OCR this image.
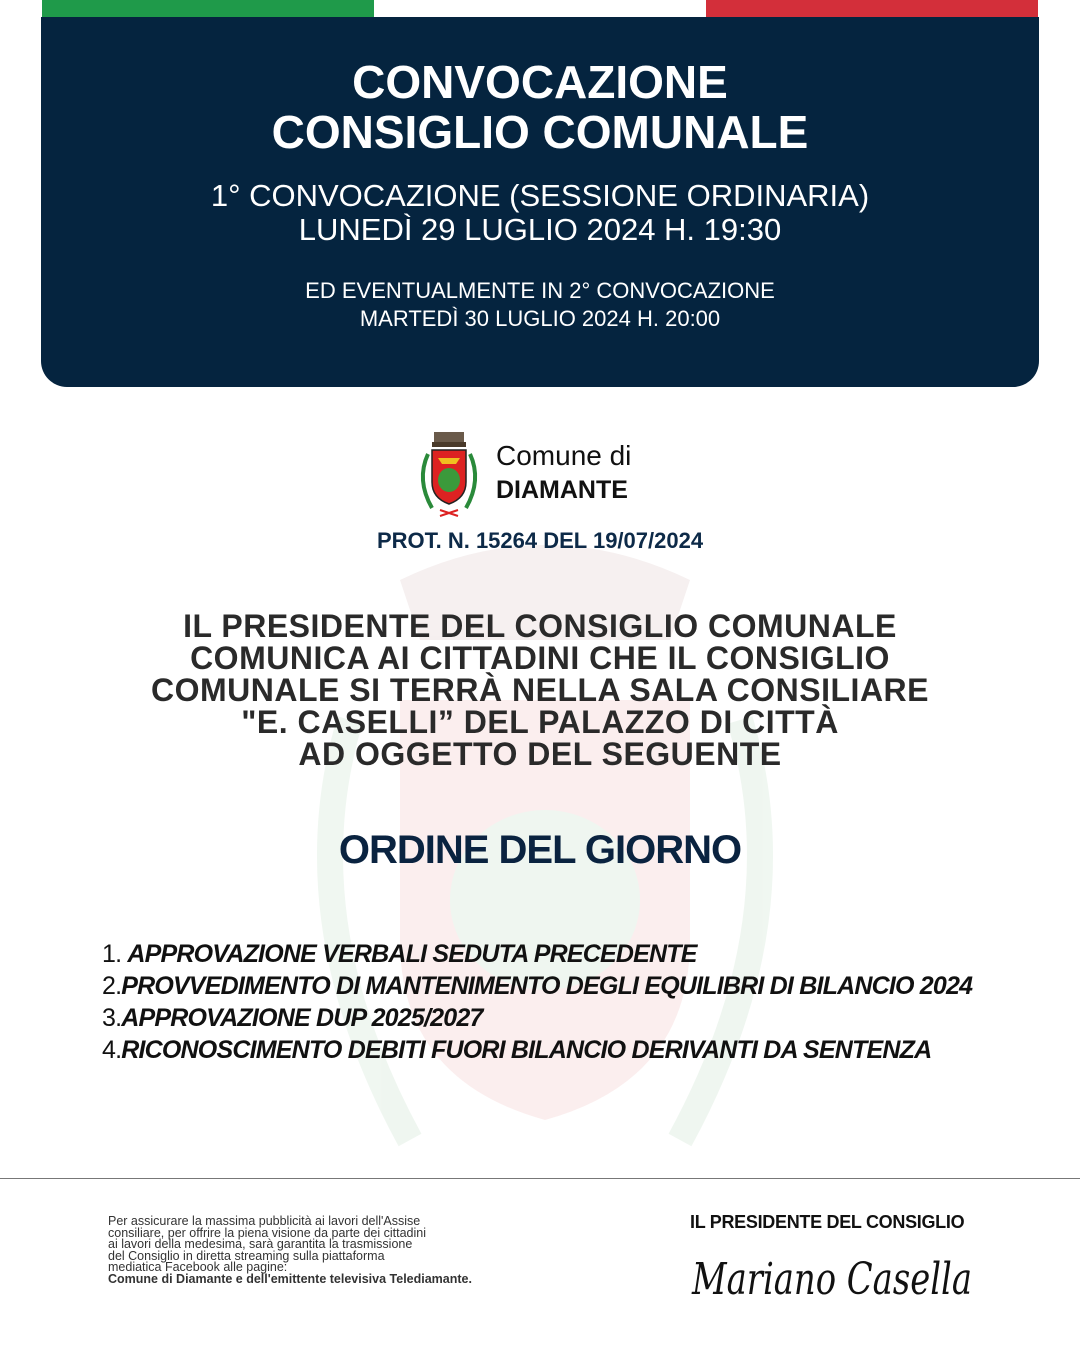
CONVOCAZIONE
CONSIGLIO COMUNALE
1° CONVOCAZIONE (SESSIONE ORDINARIA)
LUNEDÌ 29 LUGLIO 2024 H. 19:30
ED EVENTUALMENTE IN 2° CONVOCAZIONE
MARTEDÌ 30 LUGLIO 2024 H. 20:00
Comune di
DIAMANTE
PROT. N. 15264 DEL 19/07/2024
IL PRESIDENTE DEL CONSIGLIO COMUNALE
COMUNICA AI CITTADINI CHE IL CONSIGLIO
COMUNALE SI TERRÀ NELLA SALA CONSILIARE
"E. CASELLI” DEL PALAZZO DI CITTÀ
AD OGGETTO DEL SEGUENTE
ORDINE DEL GIORNO
1. APPROVAZIONE VERBALI SEDUTA PRECEDENTE
2.PROVVEDIMENTO DI MANTENIMENTO DEGLI EQUILIBRI DI BILANCIO 2024
3.APPROVAZIONE DUP 2025/2027
4.RICONOSCIMENTO DEBITI FUORI BILANCIO DERIVANTI DA SENTENZA
Per assicurare la massima pubblicità ai lavori dell'Assise
consiliare, per offrire la piena visione da parte dei cittadini
ai lavori della medesima, sarà garantita la trasmissione
del Consiglio in diretta streaming sulla piattaforma
mediatica Facebook alle pagine:
Comune di Diamante e dell'emittente televisiva Telediamante.
IL PRESIDENTE DEL CONSIGLIO
Mariano Casella
